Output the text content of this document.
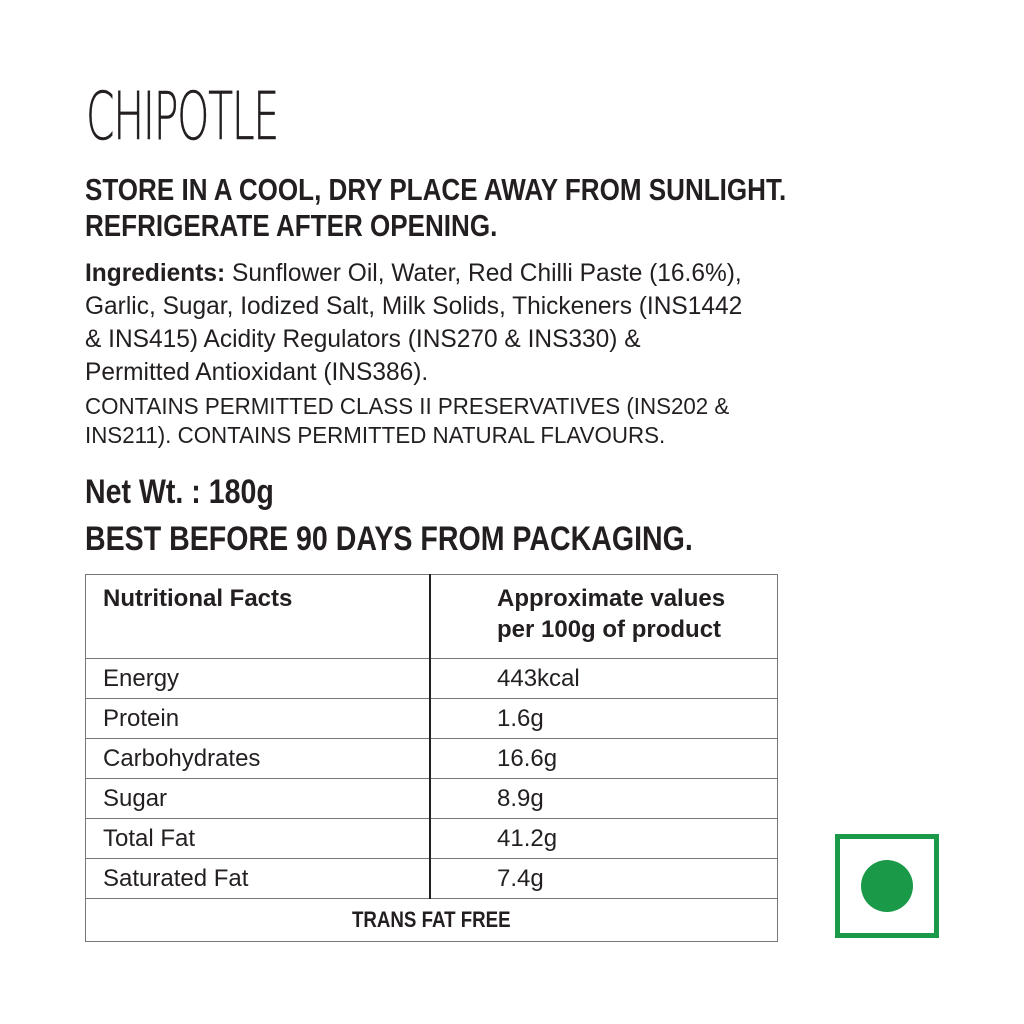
CHIPOTLE
STORE IN A COOL, DRY PLACE AWAY FROM SUNLIGHT.
REFRIGERATE AFTER OPENING.
Ingredients: Sunflower Oil, Water, Red Chilli Paste (16.6%),
Garlic, Sugar, Iodized Salt, Milk Solids, Thickeners (INS1442
& INS415) Acidity Regulators (INS270 & INS330) &
Permitted Antioxidant (INS386).
CONTAINS PERMITTED CLASS II PRESERVATIVES (INS202 &
INS211). CONTAINS PERMITTED NATURAL FLAVOURS.
Net Wt. : 180g
BEST BEFORE 90 DAYS FROM PACKAGING.
Nutritional Facts	Approximate values
per 100g of product

Energy	443kcal
Protein	1.6g
Carbohydrates	16.6g
Sugar	8.9g
Total Fat	41.2g
Saturated Fat	7.4g
TRANS FAT FREE	
